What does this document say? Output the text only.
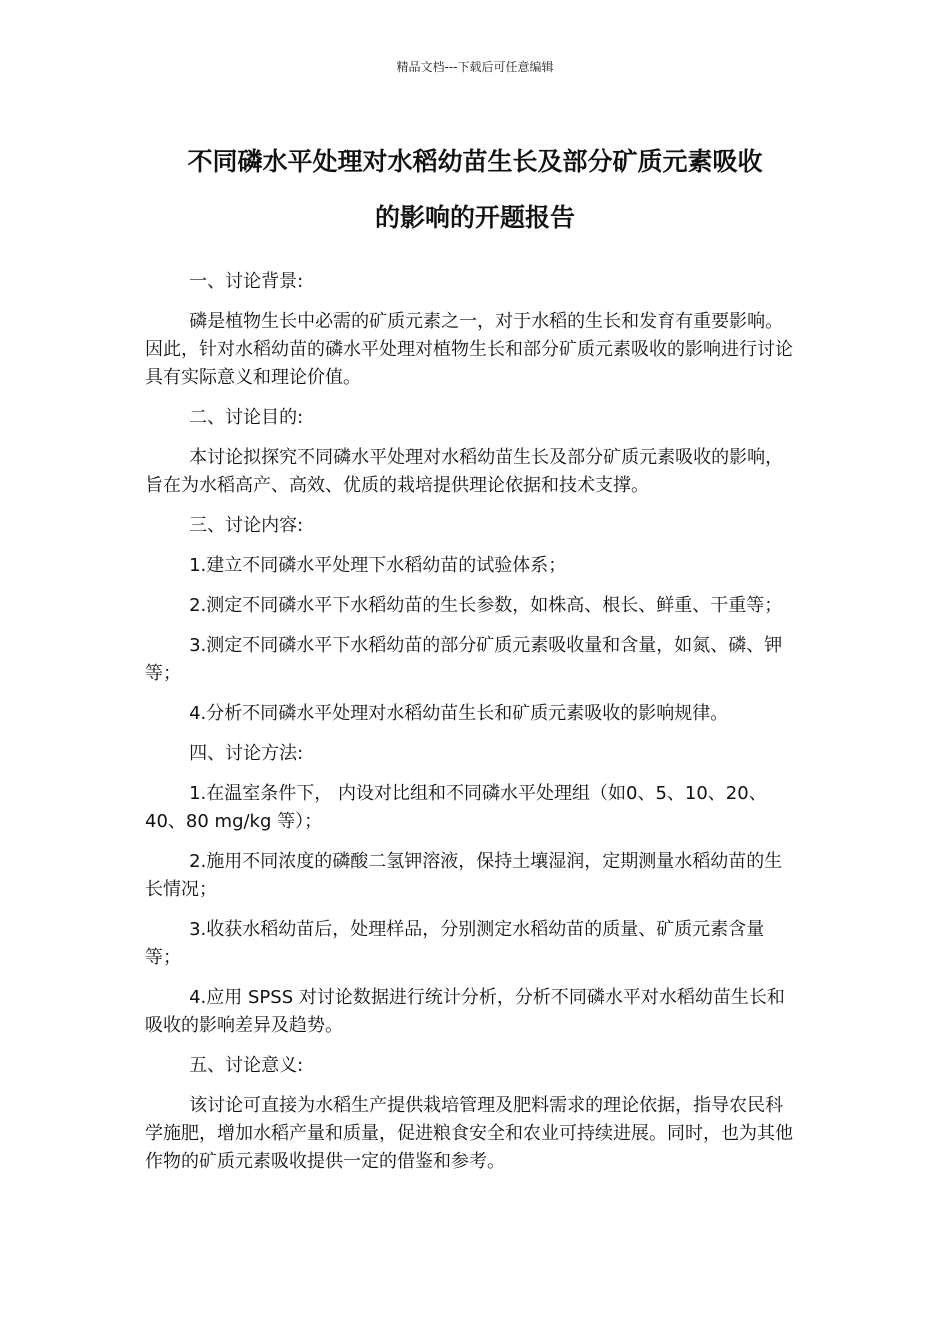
精品文档---下载后可任意编辑
不同磷水平处理对水稻幼苗生长及部分矿质元素吸收
的影响的开题报告

一、讨论背景:

磷是植物生长中必需的矿质元素之一，对于水稻的生长和发育有重要影响。因此，针对水稻幼苗的磷水平处理对植物生长和部分矿质元素吸收的影响进行讨论具有实际意义和理论价值。

二、讨论目的:

本讨论拟探究不同磷水平处理对水稻幼苗生长及部分矿质元素吸收的影响，旨在为水稻高产、高效、优质的栽培提供理论依据和技术支撑。

三、讨论内容:

1.建立不同磷水平处理下水稻幼苗的试验体系；

2.测定不同磷水平下水稻幼苗的生长参数，如株高、根长、鲜重、干重等；

3.测定不同磷水平下水稻幼苗的部分矿质元素吸收量和含量，如氮、磷、钾等；

4.分析不同磷水平处理对水稻幼苗生长和矿质元素吸收的影响规律。

四、讨论方法:

1.在温室条件下， 内设对比组和不同磷水平处理组（如0、5、10、20、40、80 mg/kg 等）；

2.施用不同浓度的磷酸二氢钾溶液，保持土壤湿润，定期测量水稻幼苗的生长情况；

3.收获水稻幼苗后，处理样品，分别测定水稻幼苗的质量、矿质元素含量等；

4.应用 SPSS 对讨论数据进行统计分析，分析不同磷水平对水稻幼苗生长和吸收的影响差异及趋势。

五、讨论意义:

该讨论可直接为水稻生产提供栽培管理及肥料需求的理论依据，指导农民科学施肥，增加水稻产量和质量，促进粮食安全和农业可持续进展。同时，也为其他作物的矿质元素吸收提供一定的借鉴和参考。
